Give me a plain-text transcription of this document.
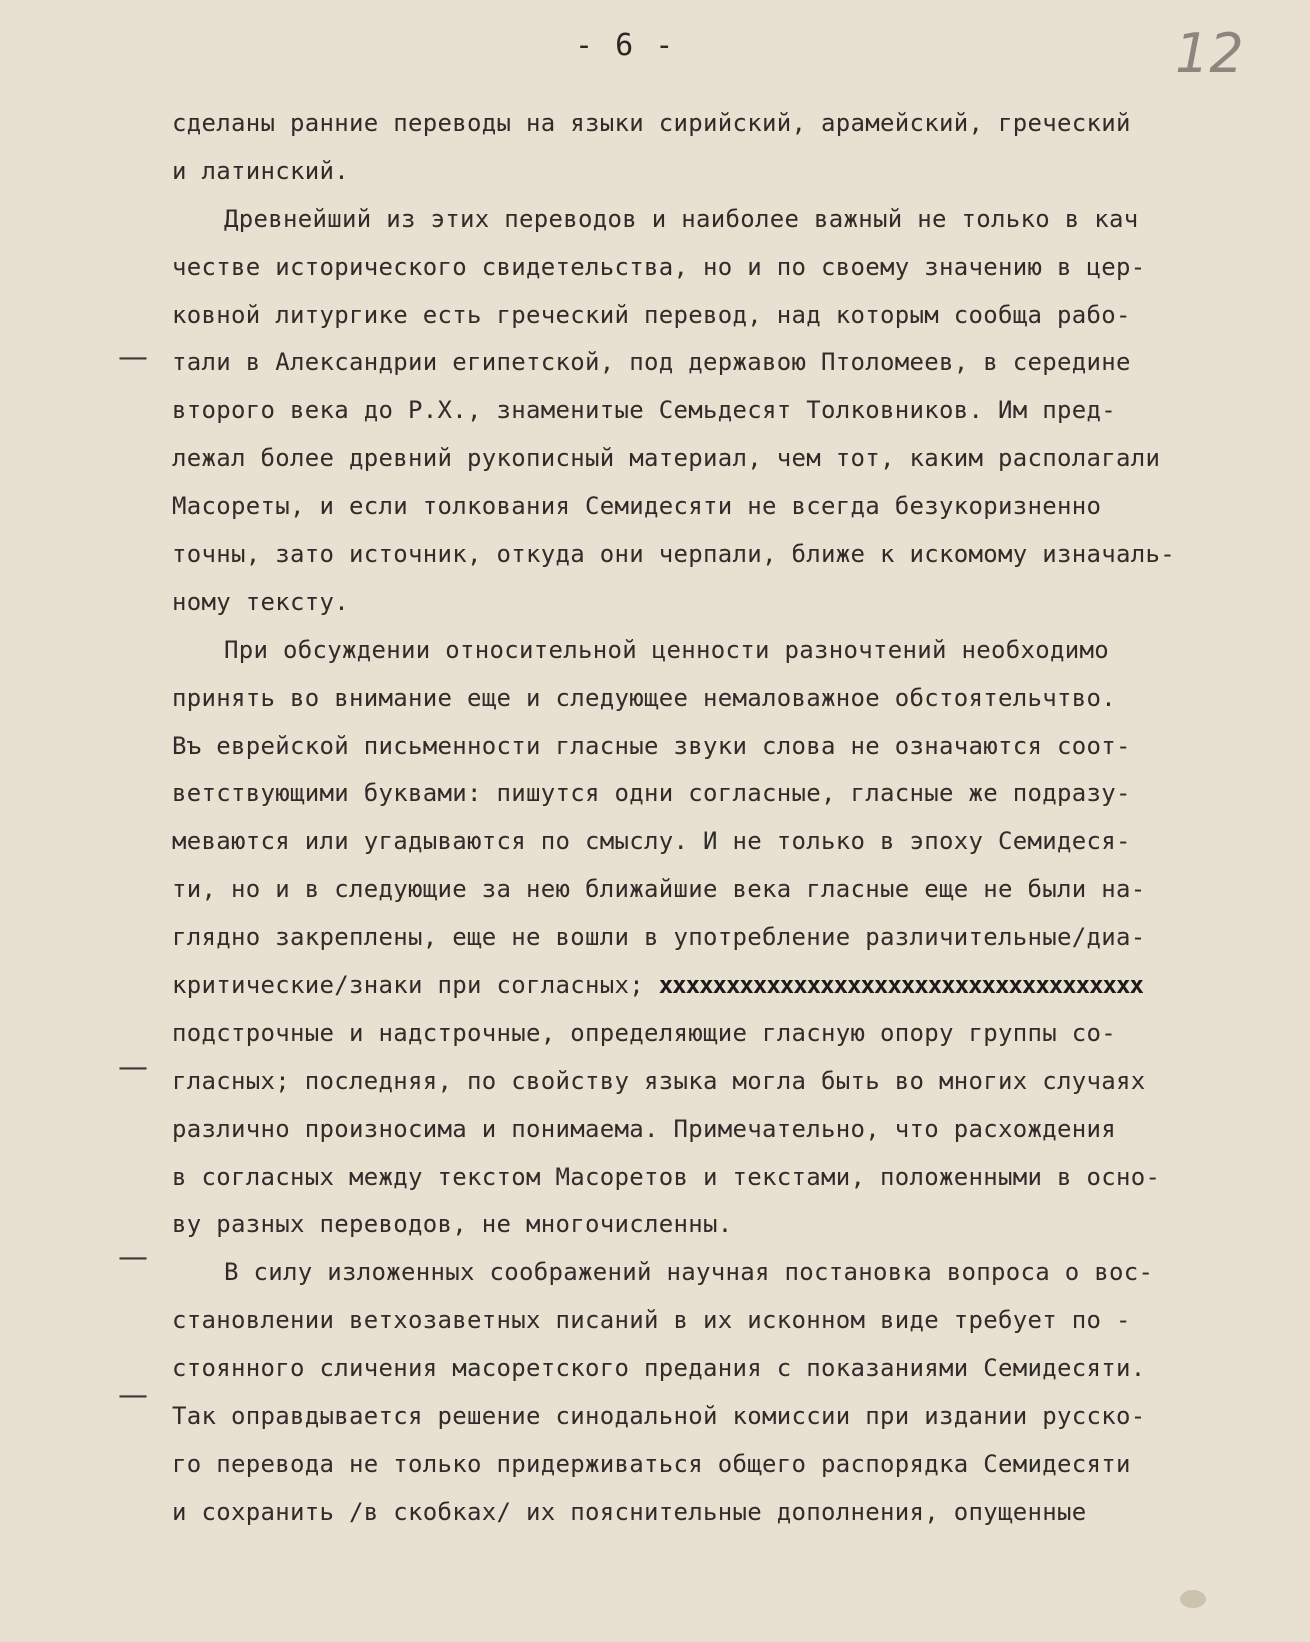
- 6 -	12
—
—
—
—
сделаны ранние переводы на языки сирийский, арамейский, греческий
и латинский.
Древнейший из этих переводов и наиболее важный не только в кач
честве исторического свидетельства, но и по своему значению в цер-
ковной литургике есть греческий перевод, над которым сообща рабо-
тали в Александрии египетской, под державою Птоломеев, в середине
второго века до Р.Х., знаменитые Семьдесят Толковников. Им пред-
лежал более древний рукописный материал, чем тот, каким располагали
Масореты, и если толкования Семидесяти не всегда безукоризненно
точны, зато источник, откуда они черпали, ближе к искомому изначаль-
ному тексту.
При обсуждении относительной ценности разночтений необходимо
принять во внимание еще и следующее немаловажное обстоятельчтво.
Въ еврейской письменности гласные звуки слова не означаются соот-
ветствующими буквами: пишутся одни согласные, гласные же подразу-
меваются или угадываются по смыслу. И не только в эпоху Семидеся-
ти, но и в следующие за нею ближайшие века гласные еще не были на-
глядно закреплены, еще не вошли в употребление различительные/диа-
критические/знаки при согласных; xxxxxxxxxxxxxxxxxxxxxxxxxxxxxxxxxxxx
подстрочные и надстрочные, определяющие гласную опору группы со-
гласных; последняя, по свойству языка могла быть во многих случаях
различно произносима и понимаема. Примечательно, что расхождения
в согласных между текстом Масоретов и текстами, положенными в осно-
ву разных переводов, не многочисленны.
В силу изложенных соображений научная постановка вопроса о вос-
становлении ветхозаветных писаний в их исконном виде требует по -
стоянного сличения масоретского предания с показаниями Семидесяти.
Так оправдывается решение синодальной комиссии при издании русско-
го перевода не только придерживаться общего распорядка Семидесяти
и сохранить /в скобках/ их пояснительные дополнения, опущенные
